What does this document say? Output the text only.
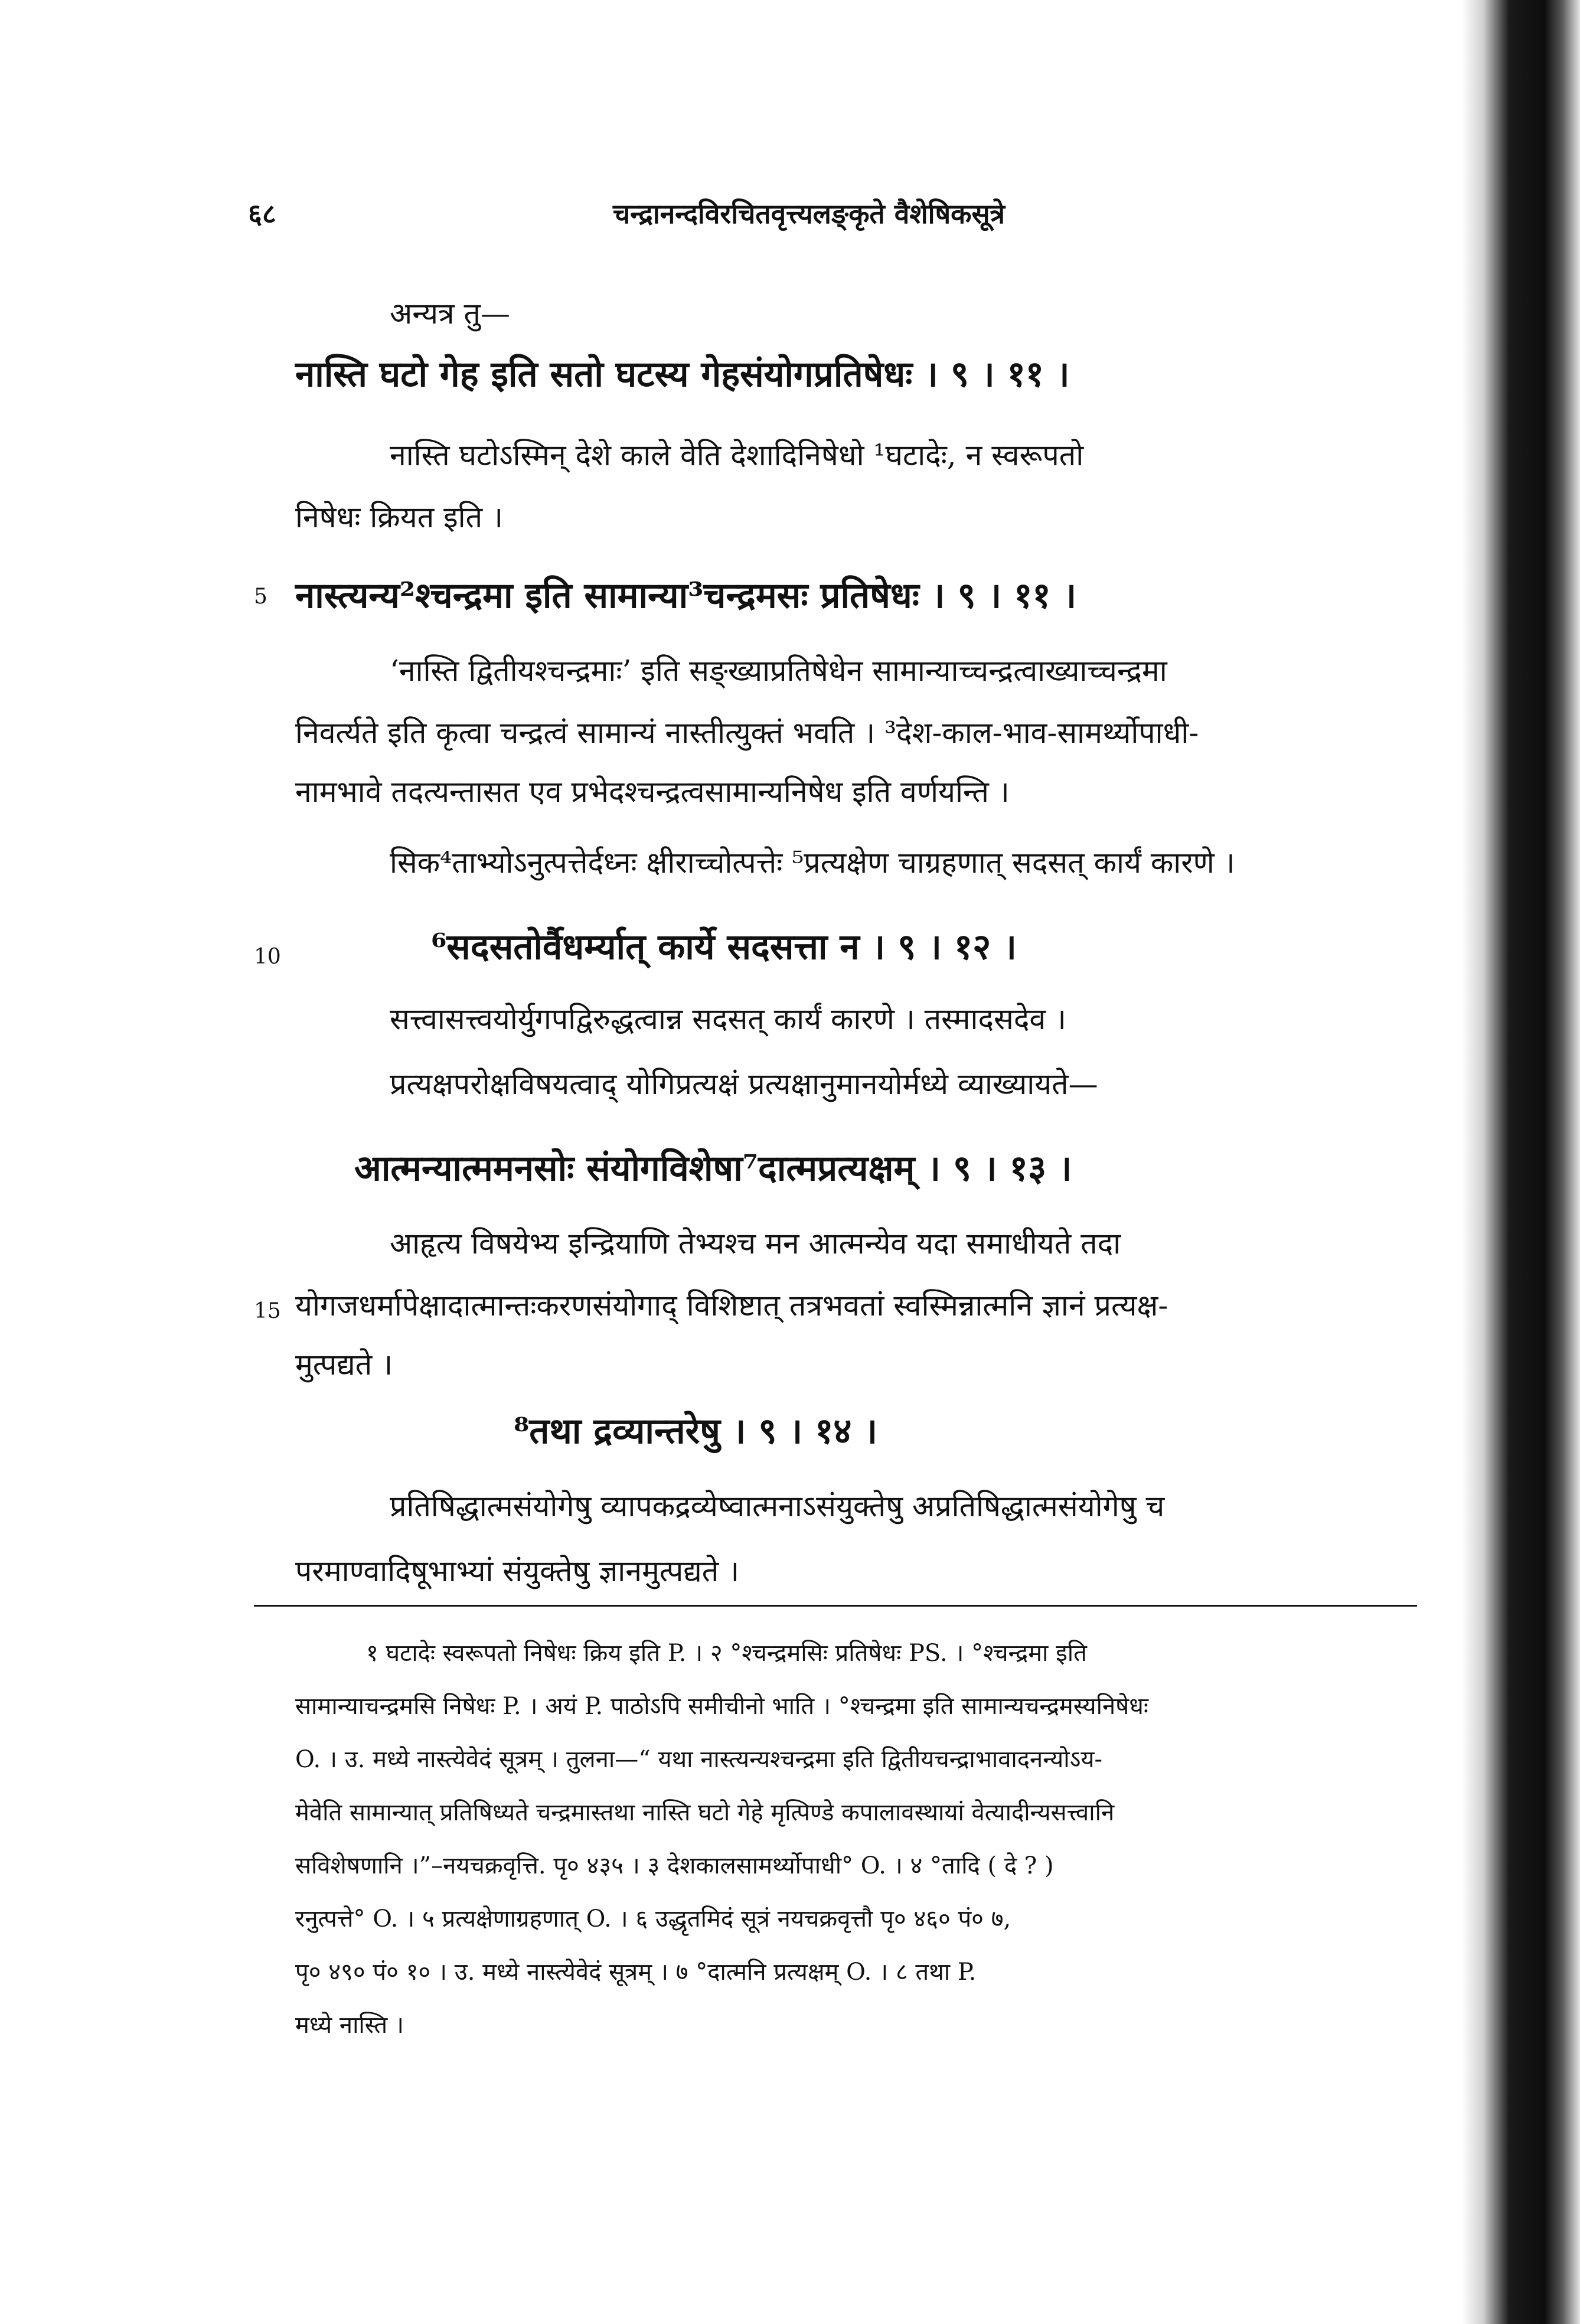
६८	चन्द्रानन्दविरचितवृत्त्यलङ्कृते वैशेषिकसूत्रे
5
10
15
अन्यत्र तु—
नास्ति घटो गेह इति सतो घटस्य गेहसंयोगप्रतिषेधः । ९ । ११ ।
नास्ति घटोऽस्मिन् देशे काले वेति देशादिनिषेधो ¹घटादेः, न स्वरूपतो
निषेधः क्रियत इति ।
नास्त्यन्य²श्चन्द्रमा इति सामान्या³चन्द्रमसः प्रतिषेधः । ९ । ११ ।
‘नास्ति द्वितीयश्चन्द्रमाः’ इति सङ्ख्याप्रतिषेधेन सामान्याच्चन्द्रत्वाख्याच्चन्द्रमा
निवर्त्यते इति कृत्वा चन्द्रत्वं सामान्यं नास्तीत्युक्तं भवति । ³देश-काल-भाव-सामर्थ्योपाधी-
नामभावे तदत्यन्तासत एव प्रभेदश्चन्द्रत्वसामान्यनिषेध इति वर्णयन्ति ।
सिक⁴ताभ्योऽनुत्पत्तेर्दध्नः क्षीराच्चोत्पत्तेः ⁵प्रत्यक्षेण चाग्रहणात् सदसत् कार्यं कारणे ।
⁶सदसतोर्वैधर्म्यात् कार्ये सदसत्ता न । ९ । १२ ।
सत्त्वासत्त्वयोर्युगपद्विरुद्धत्वान्न सदसत् कार्यं कारणे । तस्मादसदेव ।
प्रत्यक्षपरोक्षविषयत्वाद् योगिप्रत्यक्षं प्रत्यक्षानुमानयोर्मध्ये व्याख्यायते—
आत्मन्यात्ममनसोः संयोगविशेषा⁷दात्मप्रत्यक्षम् । ९ । १३ ।
आहृत्य विषयेभ्य इन्द्रियाणि तेभ्यश्च मन आत्मन्येव यदा समाधीयते तदा
योगजधर्मापेक्षादात्मान्तःकरणसंयोगाद् विशिष्टात् तत्रभवतां स्वस्मिन्नात्मनि ज्ञानं प्रत्यक्ष-
मुत्पद्यते ।
⁸तथा द्रव्यान्तरेषु । ९ । १४ ।
प्रतिषिद्धात्मसंयोगेषु व्यापकद्रव्येष्वात्मनाऽसंयुक्तेषु अप्रतिषिद्धात्मसंयोगेषु च
परमाण्वादिषूभाभ्यां संयुक्तेषु ज्ञानमुत्पद्यते ।
१ घटादेः स्वरूपतो निषेधः क्रिय इति P. । २ °श्चन्द्रमसिः प्रतिषेधः PS. । °श्चन्द्रमा इति
सामान्याचन्द्रमसि निषेधः P. । अयं P. पाठोऽपि समीचीनो भाति । °श्चन्द्रमा इति सामान्यचन्द्रमस्यनिषेधः
O. । उ. मध्ये नास्त्येवेदं सूत्रम् । तुलना—“ यथा नास्त्यन्यश्चन्द्रमा इति द्वितीयचन्द्राभावादनन्योऽय-
मेवेति सामान्यात् प्रतिषिध्यते चन्द्रमास्तथा नास्ति घटो गेहे मृत्पिण्डे कपालावस्थायां वेत्यादीन्यसत्त्वानि
सविशेषणानि ।”–नयचक्रवृत्ति. पृ० ४३५ । ३ देशकालसामर्थ्योपाधी° O. । ४ °तादि ( दे ? )
रनुत्पत्ते° O. । ५ प्रत्यक्षेणाग्रहणात् O. । ६ उद्धृतमिदं सूत्रं नयचक्रवृत्तौ पृ० ४६० पं० ७,
पृ० ४९० पं० १० । उ. मध्ये नास्त्येवेदं सूत्रम् । ७ °दात्मनि प्रत्यक्षम् O. । ८ तथा P.
मध्ये नास्ति ।
